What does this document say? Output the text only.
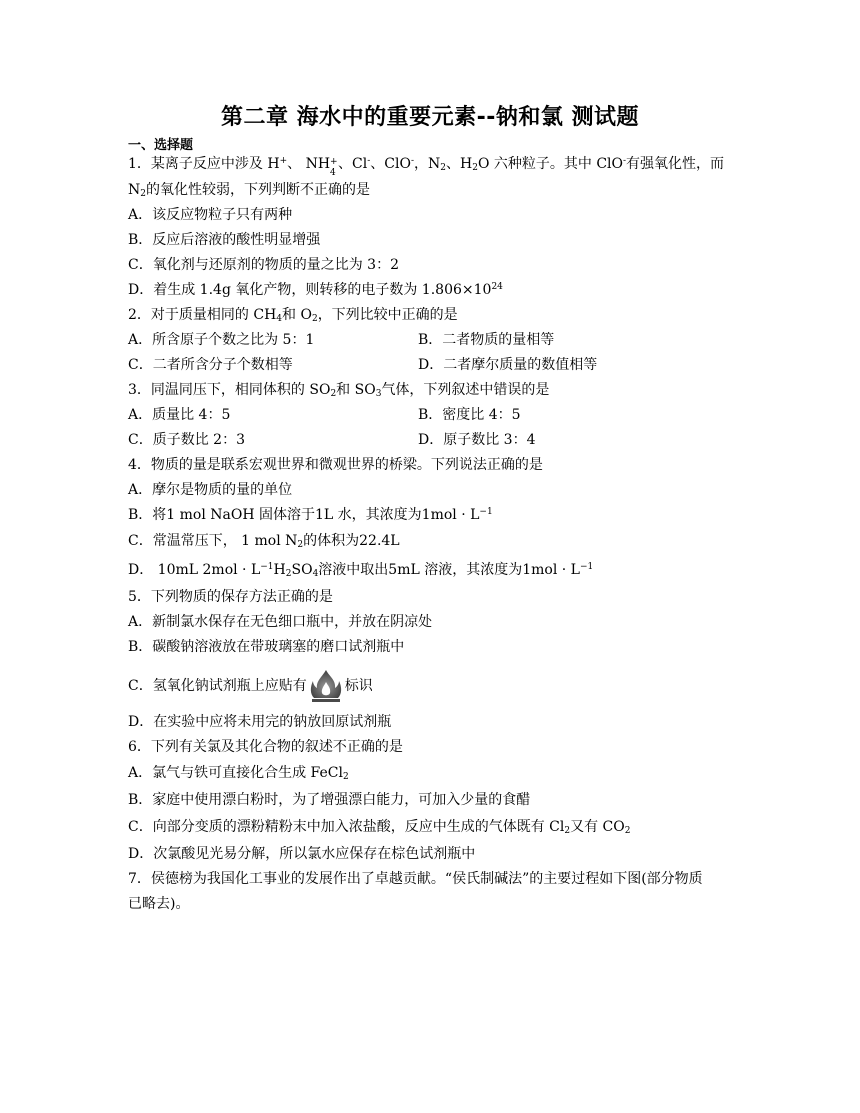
第二章 海水中的重要元素--钠和氯 测试题
一、选择题
1．某离子反应中涉及 H+、 NH +
4
、Cl-、ClO-，$N_2$、$H_2O$ 六种粒子。其中 ClO-有强氧化性，而
$N_2$的氧化性较弱，下列判断不正确的是
A．该反应物粒子只有两种
B．反应后溶液的酸性明显增强
C．氧化剂与还原剂的物质的量之比为 3：2
D．着生成 1.4g 氧化产物，则转移的电子数为 $1.806\times 10^{24}$
2．对于质量相同的 $CH_4$和 $O_2$，下列比较中正确的是
A．所含原子个数之比为 5：1	B．二者物质的量相等
C．二者所含分子个数相等	D．二者摩尔质量的数值相等
3．同温同压下，相同体积的 $SO_2$和 $SO_3$气体，下列叙述中错误的是
A．质量比 4：5	B．密度比 4：5
C．质子数比 2：3	D．原子数比 3：4
4．物质的量是联系宏观世界和微观世界的桥梁。下列说法正确的是
A．摩尔是物质的量的单位
B．将1 mol NaOH 固体溶于1L 水，其浓度为$1mol \cdot L^{-1}$
C．常温常压下， 1 mol $N_2$的体积为22.4L
D． 10mL $2mol \cdot L^{-1}H_2SO_4$溶液中取出5mL 溶液，其浓度为$1mol \cdot L^{-1}$
5．下列物质的保存方法正确的是
A．新制氯水保存在无色细口瓶中，并放在阴凉处
B．碳酸钠溶液放在带玻璃塞的磨口试剂瓶中
C．氢氧化钠试剂瓶上应贴有	标识
D．在实验中应将未用完的钠放回原试剂瓶
6．下列有关氯及其化合物的叙述不正确的是
A．氯气与铁可直接化合生成 FeCl$_2$
B．家庭中使用漂白粉时，为了增强漂白能力，可加入少量的食醋
C．向部分变质的漂粉精粉末中加入浓盐酸，反应中生成的气体既有 $Cl_2$又有 $CO_2$
D．次氯酸见光易分解，所以氯水应保存在棕色试剂瓶中
7．侯德榜为我国化工事业的发展作出了卓越贡献。“侯氏制碱法”的主要过程如下图(部分物质
已略去)。
